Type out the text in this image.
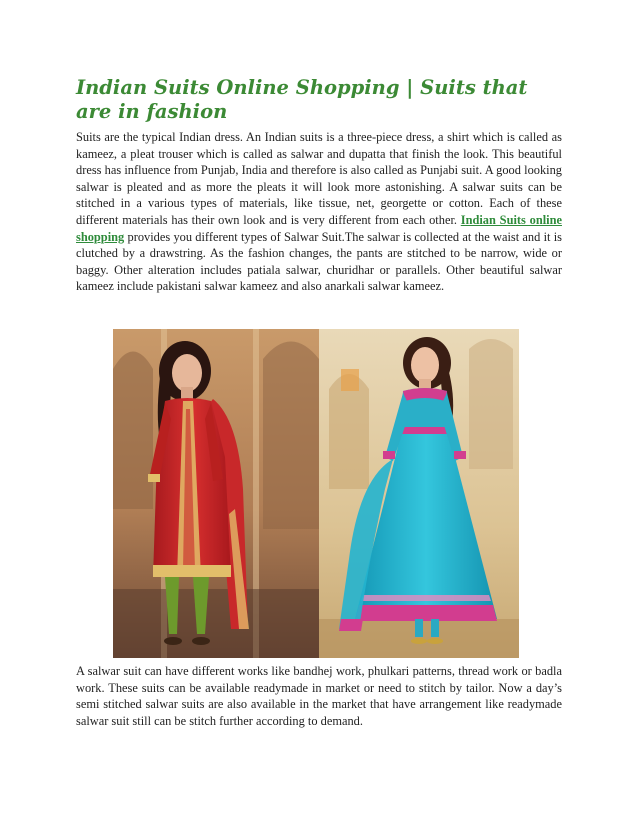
Indian Suits Online Shopping | Suits that are in fashion

Suits are the typical Indian dress. An Indian suits is a three-piece dress, a shirt which is called as kameez, a pleat trouser which is called as salwar and dupatta that finish the look. This beautiful dress has influence from Punjab, India and therefore is also called as Punjabi suit. A good looking salwar is pleated and as more the pleats it will look more astonishing. A salwar suits can be stitched in a various types of materials, like tissue, net, georgette or cotton. Each of these different materials has their own look and is very different from each other. Indian Suits online shopping provides you different types of Salwar Suit.The salwar is collected at the waist and it is clutched by a drawstring. As the fashion changes, the pants are stitched to be narrow, wide or baggy. Other alteration includes patiala salwar, churidhar or parallels. Other beautiful salwar kameez include pakistani salwar kameez and also anarkali salwar kameez.

A salwar suit can have different works like bandhej work, phulkari patterns, thread work or badla work. These suits can be available readymade in market or need to stitch by tailor. Now a day’s semi stitched salwar suits are also available in the market that have arrangement like readymade salwar suit still can be stitch further according to demand.
